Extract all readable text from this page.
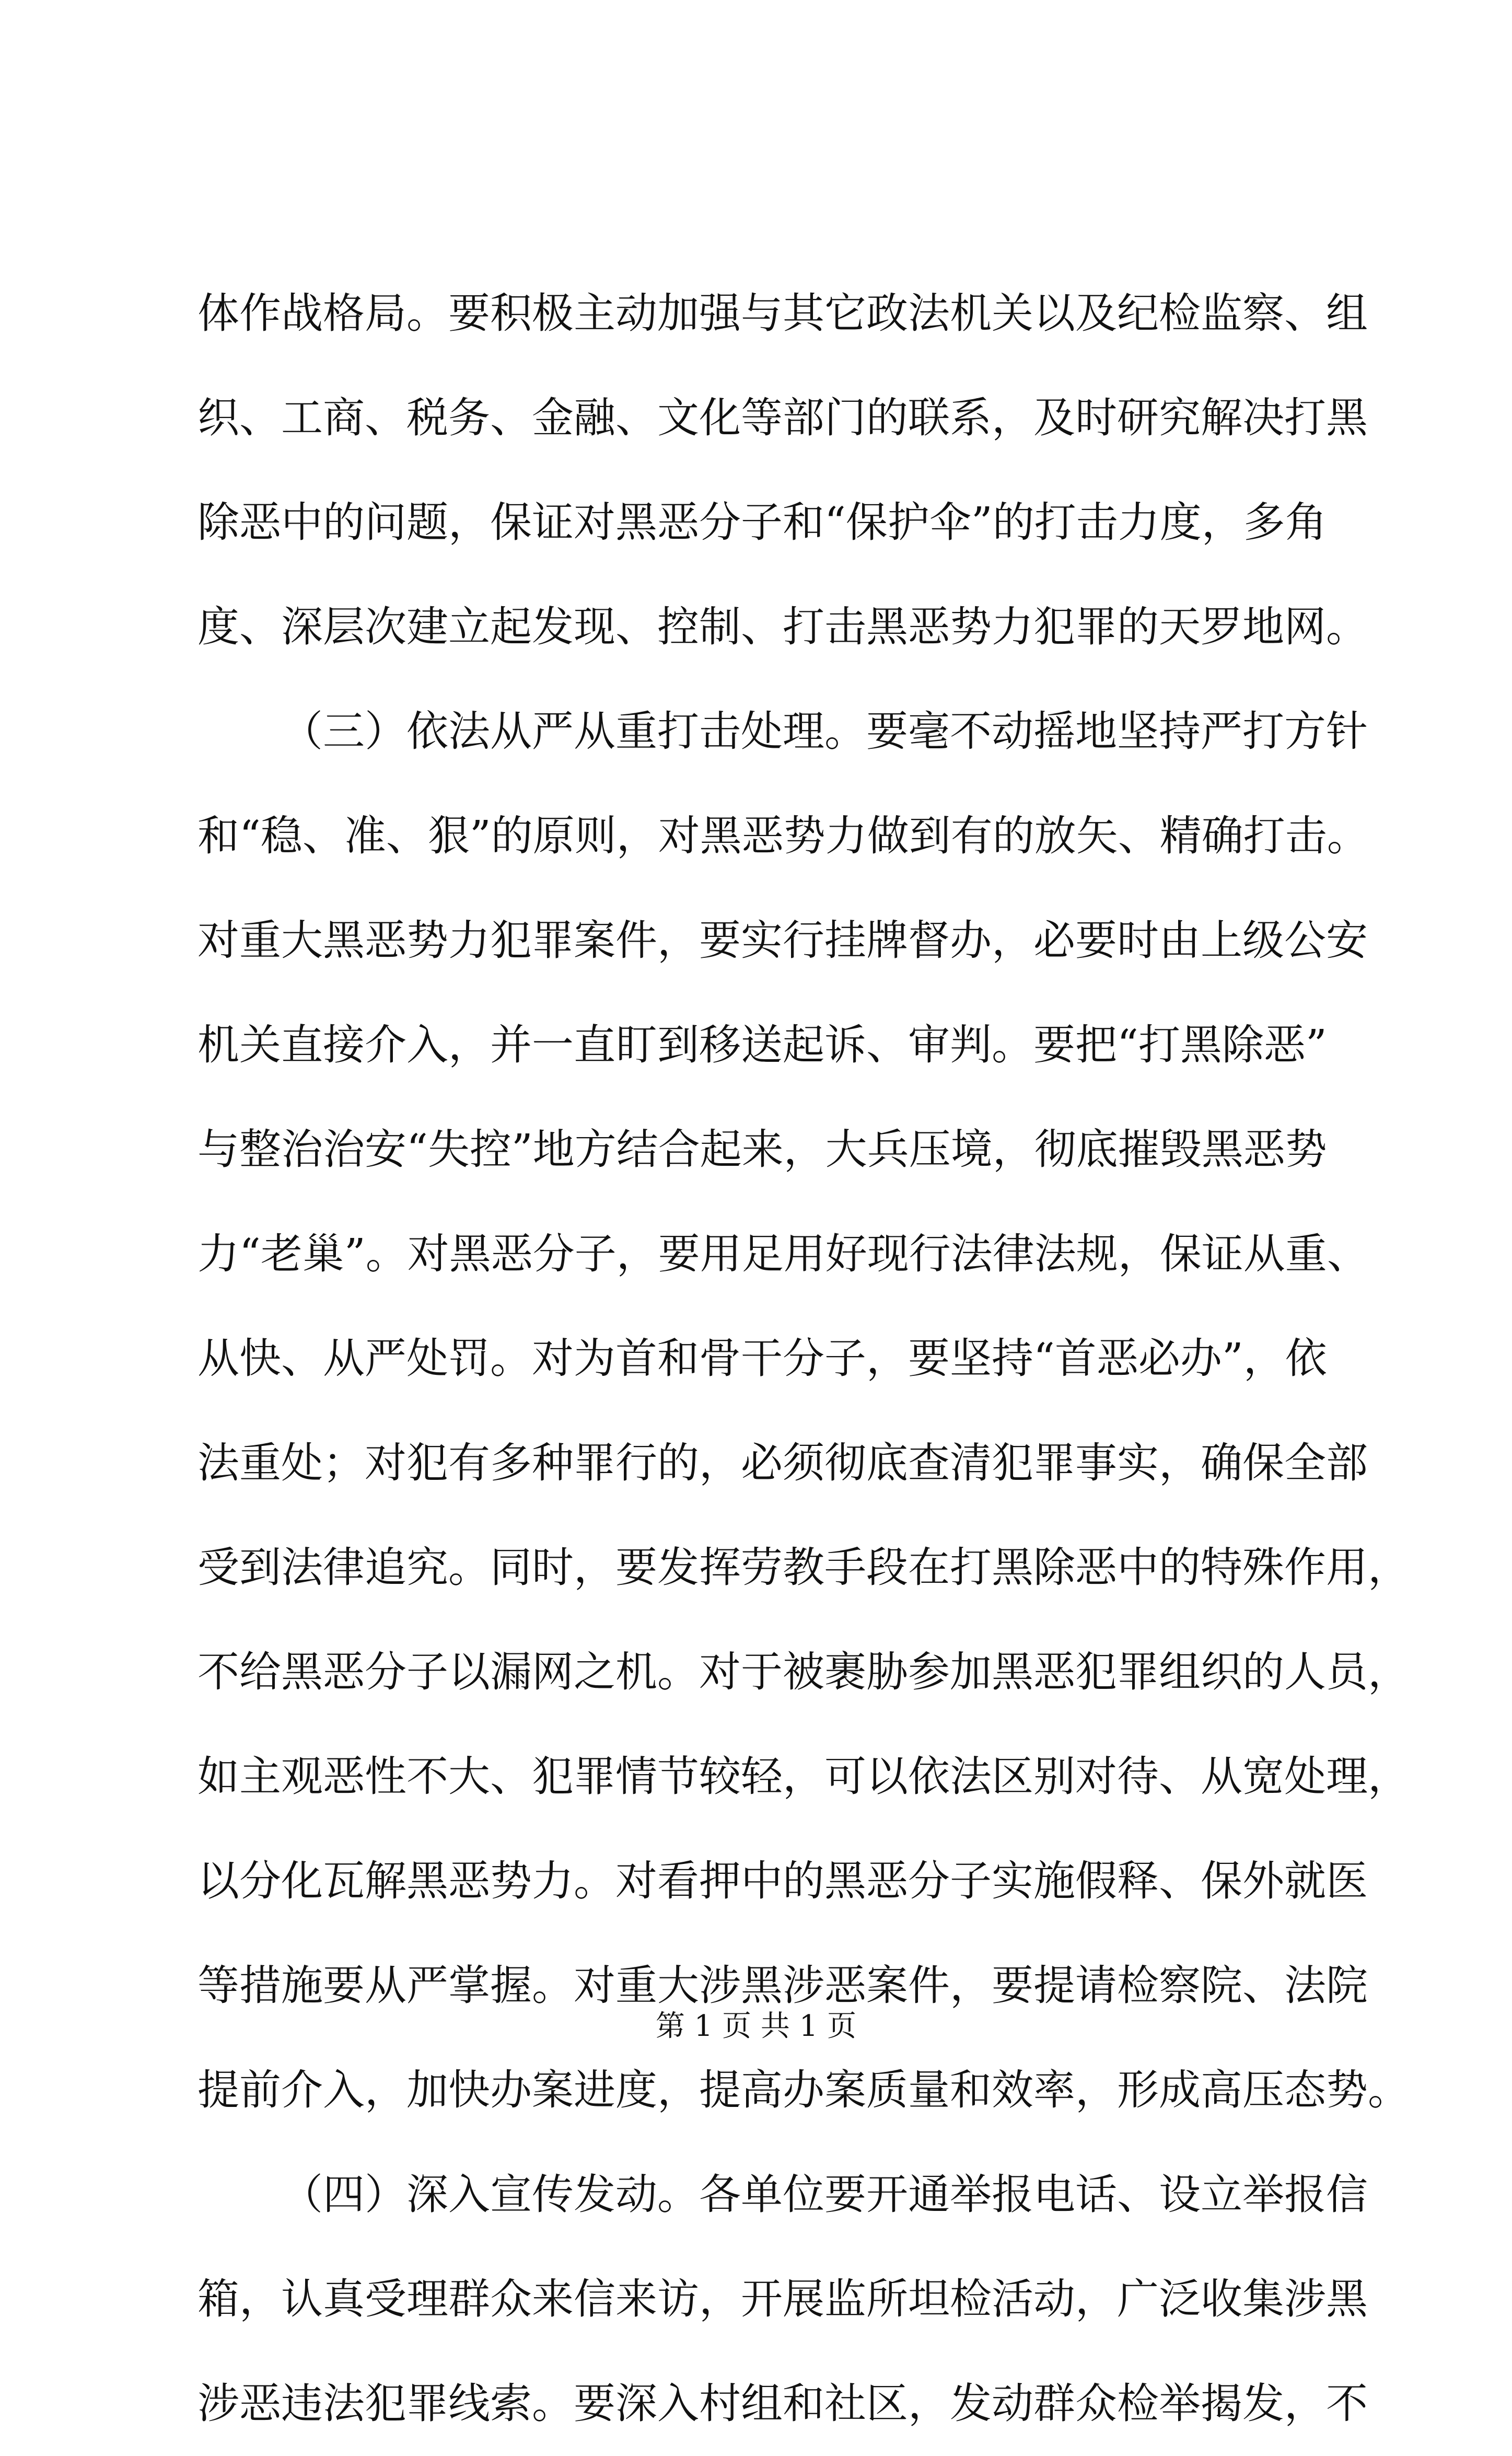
体作战格局。要积极主动加强与其它政法机关以及纪检监察、组
织、工商、税务、金融、文化等部门的联系，及时研究解决打黑
除恶中的问题，保证对黑恶分子和“保护伞”的打击力度，多角
度、深层次建立起发现、控制、打击黑恶势力犯罪的天罗地网。
（三）依法从严从重打击处理。要毫不动摇地坚持严打方针
和“稳、准、狠”的原则，对黑恶势力做到有的放矢、精确打击。
对重大黑恶势力犯罪案件，要实行挂牌督办，必要时由上级公安
机关直接介入，并一直盯到移送起诉、审判。要把“打黑除恶”
与整治治安“失控”地方结合起来，大兵压境，彻底摧毁黑恶势
力“老巢”。对黑恶分子，要用足用好现行法律法规，保证从重、
从快、从严处罚。对为首和骨干分子，要坚持“首恶必办”，依
法重处；对犯有多种罪行的，必须彻底查清犯罪事实，确保全部
受到法律追究。同时，要发挥劳教手段在打黑除恶中的特殊作用，
不给黑恶分子以漏网之机。对于被裹胁参加黑恶犯罪组织的人员，
如主观恶性不大、犯罪情节较轻，可以依法区别对待、从宽处理，
以分化瓦解黑恶势力。对看押中的黑恶分子实施假释、保外就医
等措施要从严掌握。对重大涉黑涉恶案件，要提请检察院、法院
提前介入，加快办案进度，提高办案质量和效率，形成高压态势。
（四）深入宣传发动。各单位要开通举报电话、设立举报信
箱，认真受理群众来信来访，开展监所坦检活动，广泛收集涉黑
涉恶违法犯罪线索。要深入村组和社区，发动群众检举揭发，不
第 1 页 共 1 页
